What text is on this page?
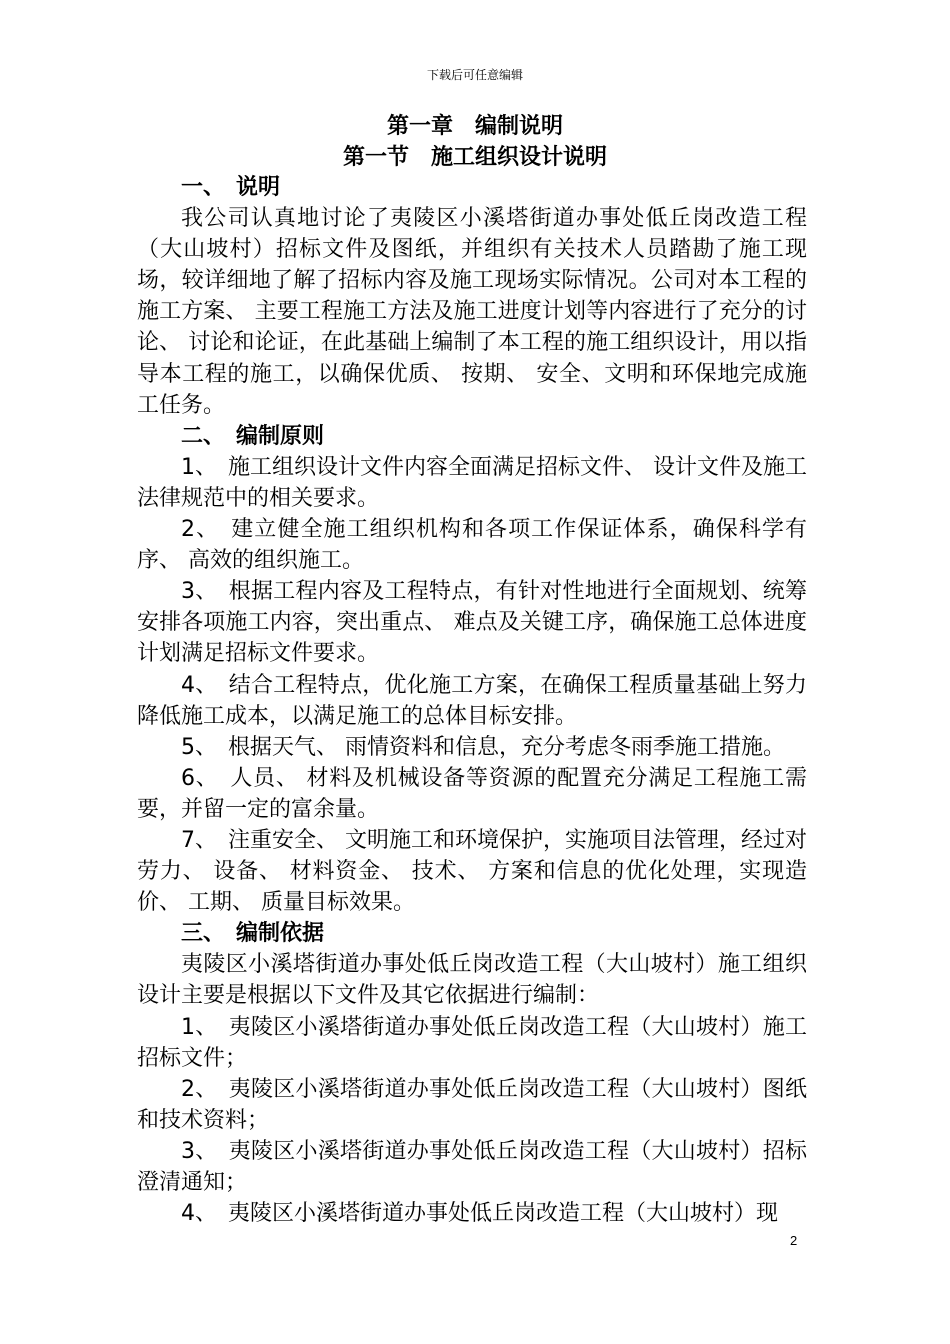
下载后可任意编辑
第一章　编制说明
第一节　施工组织设计说明

一、　说明

我公司认真地讨论了夷陵区小溪塔街道办事处低丘岗改造工程（大山坡村）招标文件及图纸，并组织有关技术人员踏勘了施工现场，较详细地了解了招标内容及施工现场实际情况。公司对本工程的施工方案、 主要工程施工方法及施工进度计划等内容进行了充分的讨论、 讨论和论证，在此基础上编制了本工程的施工组织设计，用以指导本工程的施工，以确保优质、 按期、 安全、文明和环保地完成施工任务。

二、　编制原则

1、　施工组织设计文件内容全面满足招标文件、 设计文件及施工法律规范中的相关要求。

2、　建立健全施工组织机构和各项工作保证体系，确保科学有序、 高效的组织施工。

3、　根据工程内容及工程特点，有针对性地进行全面规划、统筹安排各项施工内容，突出重点、 难点及关键工序，确保施工总体进度计划满足招标文件要求。

4、　结合工程特点，优化施工方案，在确保工程质量基础上努力降低施工成本，以满足施工的总体目标安排。

5、　根据天气、 雨情资料和信息，充分考虑冬雨季施工措施。

6、　人员、 材料及机械设备等资源的配置充分满足工程施工需要，并留一定的富余量。

7、　注重安全、 文明施工和环境保护，实施项目法管理，经过对劳力、 设备、 材料资金、 技术、 方案和信息的优化处理，实现造价、 工期、 质量目标效果。

三、　编制依据

夷陵区小溪塔街道办事处低丘岗改造工程（大山坡村）施工组织设计主要是根据以下文件及其它依据进行编制：

1、　夷陵区小溪塔街道办事处低丘岗改造工程（大山坡村）施工招标文件；

2、　夷陵区小溪塔街道办事处低丘岗改造工程（大山坡村）图纸和技术资料；

3、　夷陵区小溪塔街道办事处低丘岗改造工程（大山坡村）招标澄清通知；

4、　夷陵区小溪塔街道办事处低丘岗改造工程（大山坡村）现

2
